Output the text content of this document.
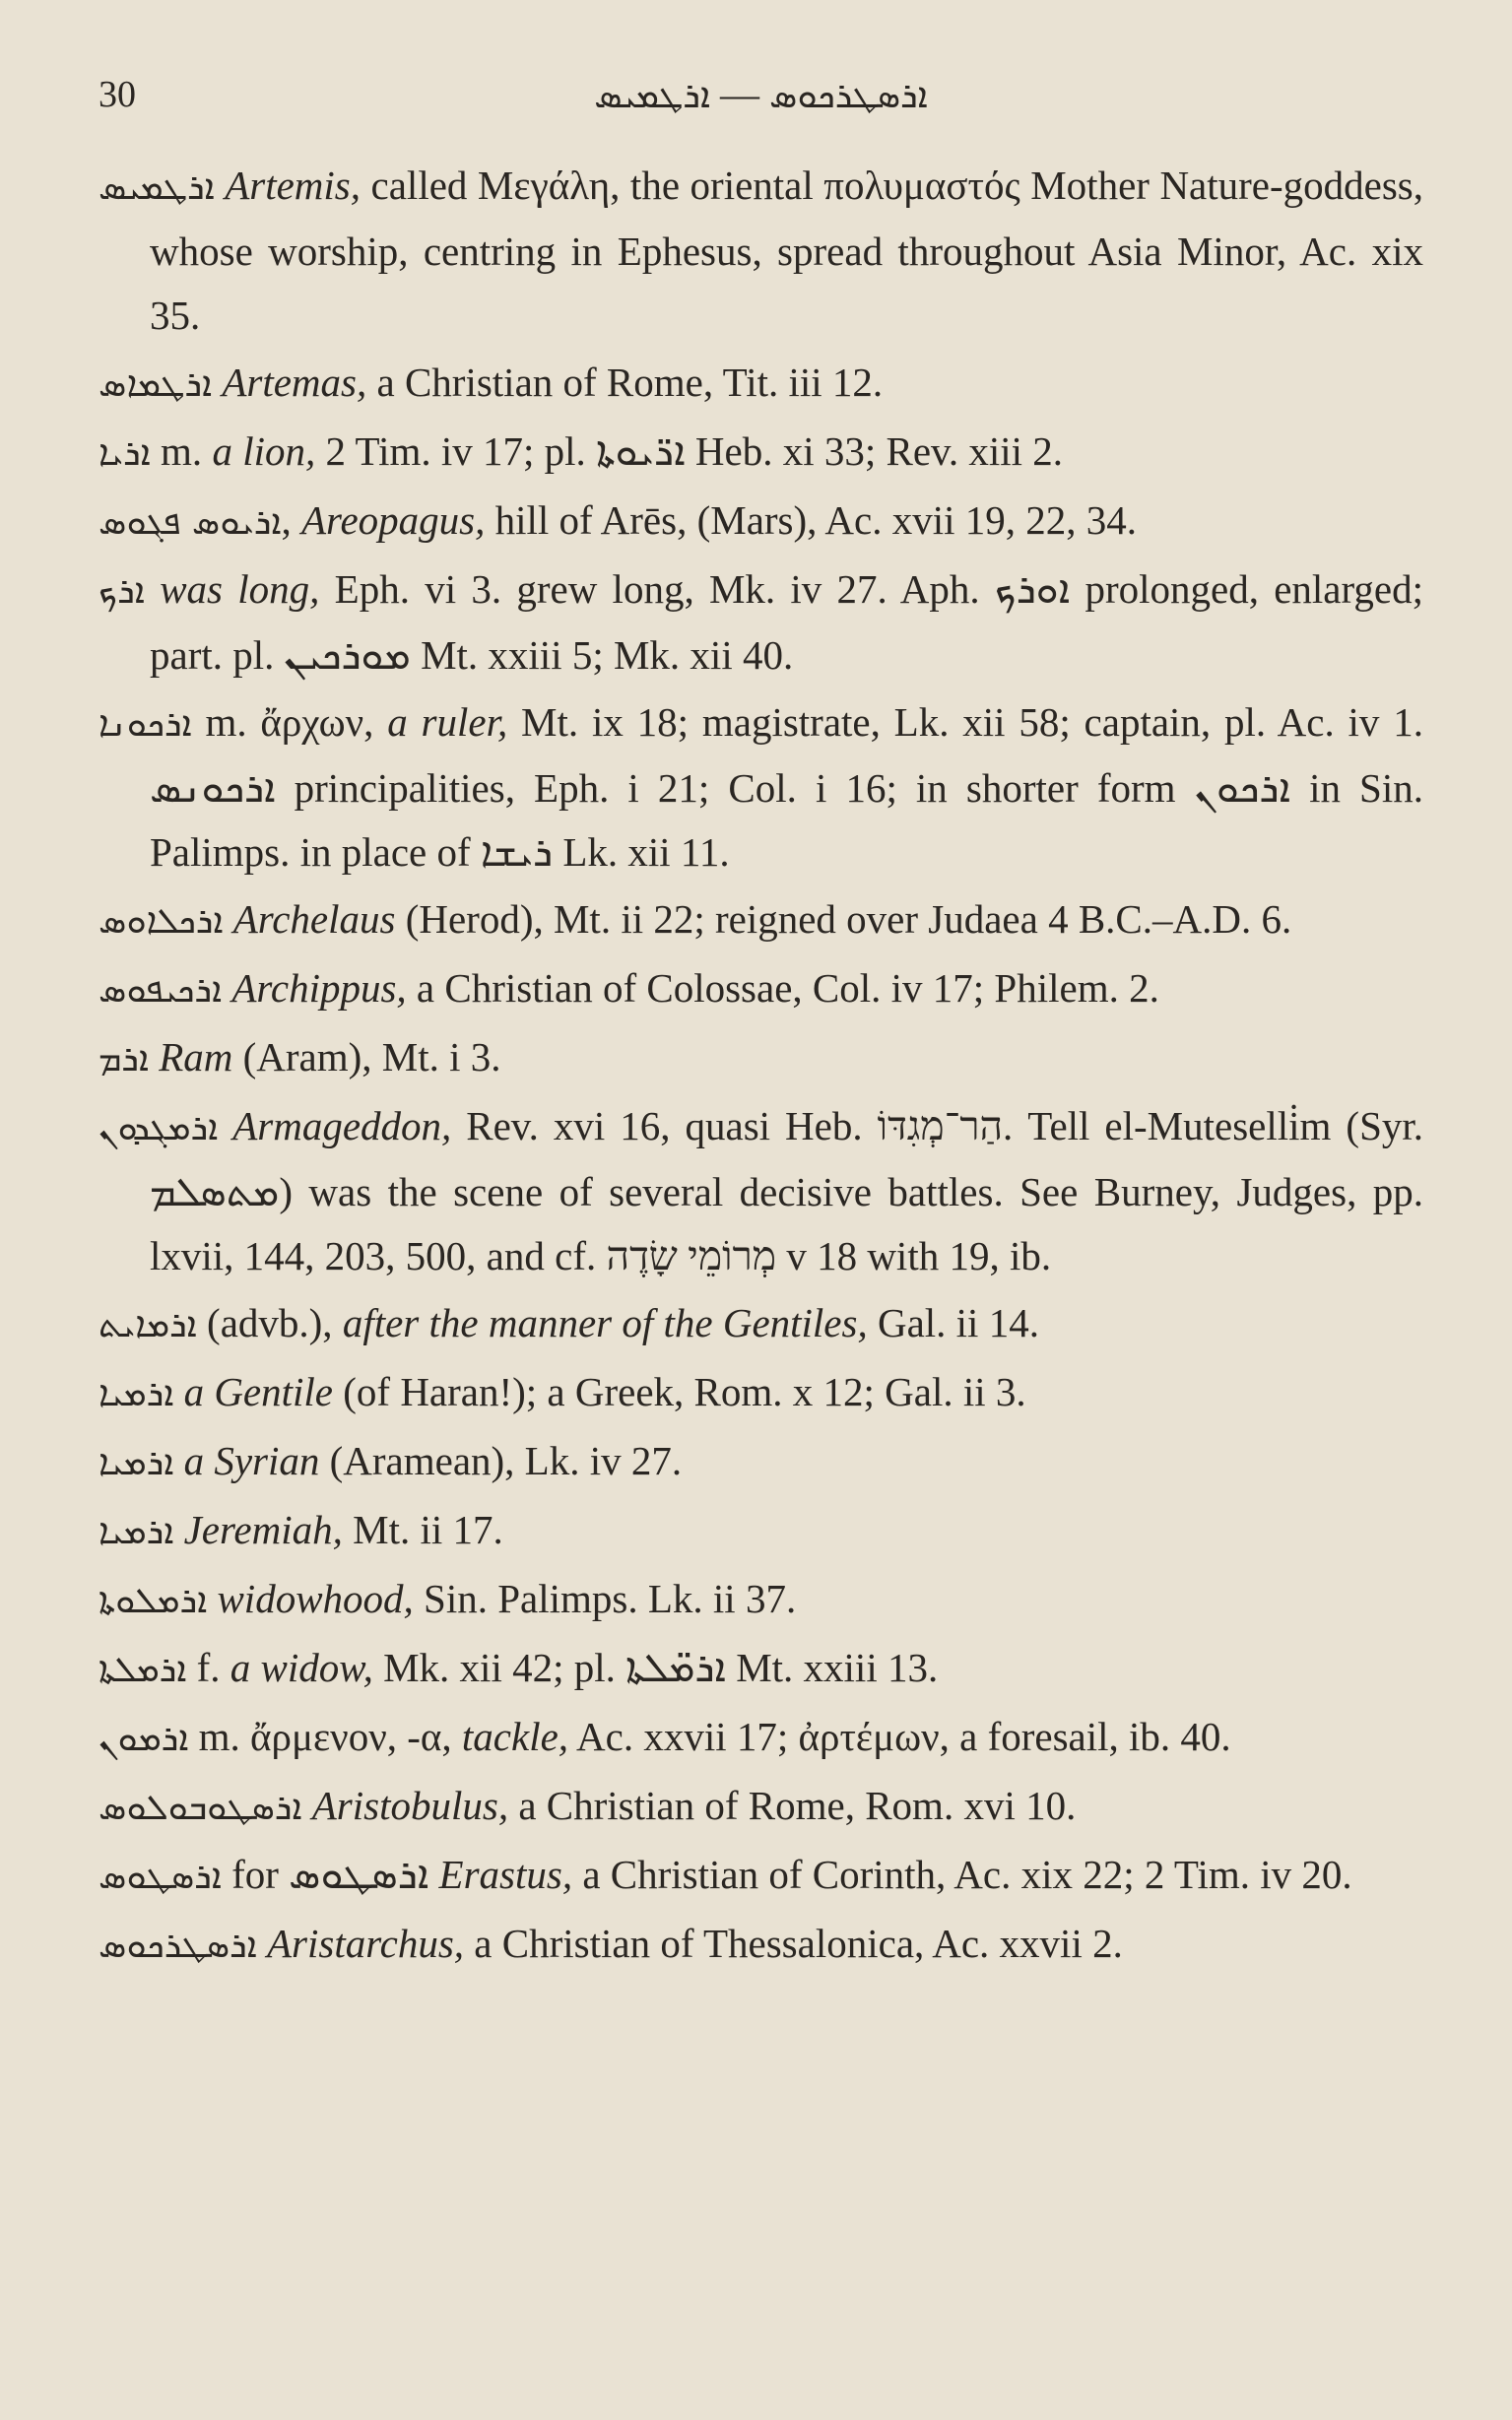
30	ܐܪܛܡܝܣ — ܐܪܣܛܪܟܘܣ

ܐܪܛܡܝܣ Artemis, called Μεγάλη, the oriental πολυμαστός Mother Nature-goddess, whose worship, centring in Ephesus, spread throughout Asia Minor, Ac. xix 35.

ܐܪܛܡܐܣ Artemas, a Christian of Rome, Tit. iii 12.

ܐܪܝܐ m. a lion, 2 Tim. iv 17; pl. ܐܪ̈ܝܘܬܐ Heb. xi 33; Rev. xiii 2.

ܐܪܝܘܣ ܦܓܘܣ, Areopagus, hill of Arēs, (Mars), Ac. xvii 19, 22, 34.

ܐܪܟ was long, Eph. vi 3. grew long, Mk. iv 27. Aph. ܐܘܪܟ prolonged, enlarged; part. pl. ܡܘܪܟܝܢ Mt. xxiii 5; Mk. xii 40.

ܐܪܟܘܢܐ m. ἄρχων, a ruler, Mt. ix 18; magistrate, Lk. xii 58; captain, pl. Ac. iv 1. ܐܪܟܘܢܣ principalities, Eph. i 21; Col. i 16; in shorter form ܐܪܟܘܢ in Sin. Palimps. in place of ܪܝܫܐ Lk. xii 11.

ܐܪܟܠܐܘܣ Archelaus (Herod), Mt. ii 22; reigned over Judaea 4 B.C.–A.D. 6.

ܐܪܟܝܦܘܣ Archippus, a Christian of Colossae, Col. iv 17; Philem. 2.

ܐܪܡ Ram (Aram), Mt. i 3.

ܐܪܡܓܕܘܢ Armageddon, Rev. xvi 16, quasi Heb. הַר־מְגִדּוֹ. Tell el-Muteselli̇m (Syr. ܡܬܣܠܡ) was the scene of several decisive battles. See Burney, Judges, pp. lxvii, 144, 203, 500, and cf. מְרוֹמֵי שָׂדֶה v 18 with 19, ib.

ܐܪܡܐܝܬ (advb.), after the manner of the Gentiles, Gal. ii 14.

ܐܪܡܝܐ a Gentile (of Haran!); a Greek, Rom. x 12; Gal. ii 3.

ܐܪܡܝܐ a Syrian (Aramean), Lk. iv 27.

ܐܪܡܝܐ Jeremiah, Mt. ii 17.

ܐܪܡܠܘܬܐ widowhood, Sin. Palimps. Lk. ii 37.

ܐܪܡܠܬܐ f. a widow, Mk. xii 42; pl. ܐܪܡ̈ܠܬܐ Mt. xxiii 13.

ܐܪܡܘܢ m. ἄρμενον, -α, tackle, Ac. xxvii 17; ἀρτέμων, a foresail, ib. 40.

ܐܪܣܛܘܒܘܠܘܣ Aristobulus, a Christian of Rome, Rom. xvi 10.

ܐܪܣܛܘܣ for ܐܪܣܛܘܣ Erastus, a Christian of Corinth, Ac. xix 22; 2 Tim. iv 20.

ܐܪܣܛܪܟܘܣ Aristarchus, a Christian of Thessalonica, Ac. xxvii 2.
